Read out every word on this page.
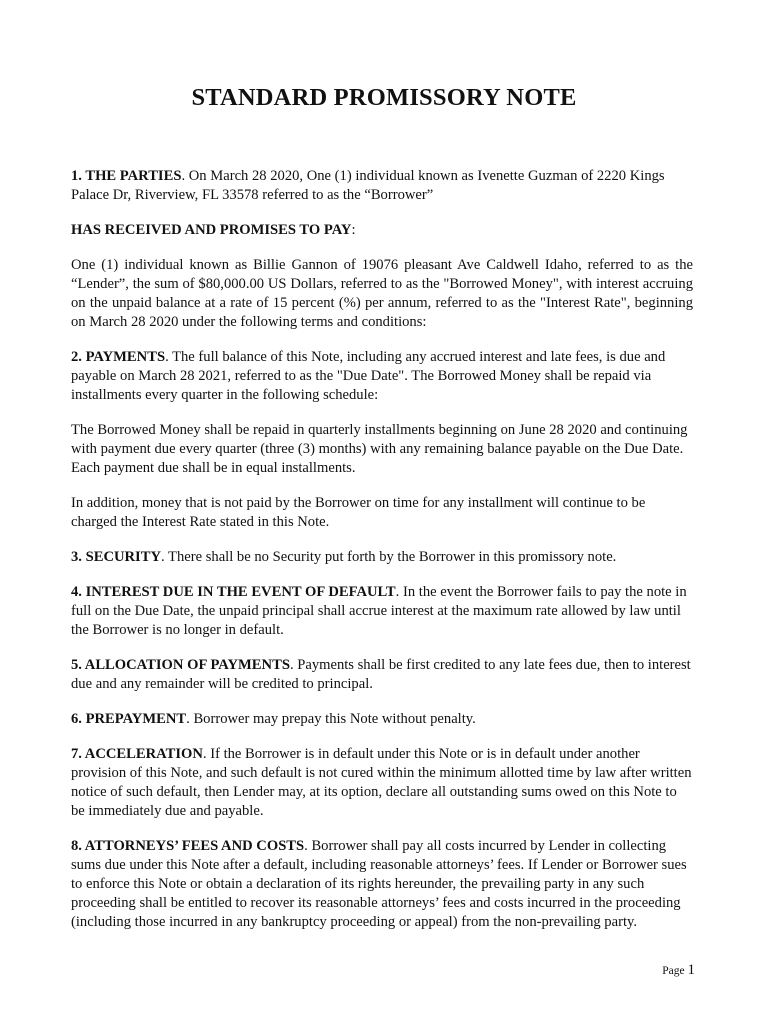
STANDARD PROMISSORY NOTE

1. THE PARTIES. On March 28 2020, One (1) individual known as Ivenette Guzman of 2220 Kings Palace Dr, Riverview, FL 33578 referred to as the “Borrower”

HAS RECEIVED AND PROMISES TO PAY:

One (1) individual known as Billie Gannon of 19076 pleasant Ave Caldwell Idaho, referred to as the “Lender”, the sum of $80,000.00 US Dollars, referred to as the "Borrowed Money", with interest accruing on the unpaid balance at a rate of 15 percent (%) per annum, referred to as the "Interest Rate", beginning on March 28 2020 under the following terms and conditions:

2. PAYMENTS. The full balance of this Note, including any accrued interest and late fees, is due and payable on March 28 2021, referred to as the "Due Date". The Borrowed Money shall be repaid via installments every quarter in the following schedule:

The Borrowed Money shall be repaid in quarterly installments beginning on June 28 2020 and continuing with payment due every quarter (three (3) months) with any remaining balance payable on the Due Date. Each payment due shall be in equal installments.

In addition, money that is not paid by the Borrower on time for any installment will continue to be charged the Interest Rate stated in this Note.

3. SECURITY. There shall be no Security put forth by the Borrower in this promissory note.

4. INTEREST DUE IN THE EVENT OF DEFAULT. In the event the Borrower fails to pay the note in full on the Due Date, the unpaid principal shall accrue interest at the maximum rate allowed by law until the Borrower is no longer in default.

5. ALLOCATION OF PAYMENTS. Payments shall be first credited to any late fees due, then to interest due and any remainder will be credited to principal.

6. PREPAYMENT. Borrower may prepay this Note without penalty.

7. ACCELERATION. If the Borrower is in default under this Note or is in default under another provision of this Note, and such default is not cured within the minimum allotted time by law after written notice of such default, then Lender may, at its option, declare all outstanding sums owed on this Note to be immediately due and payable.

8. ATTORNEYS’ FEES AND COSTS. Borrower shall pay all costs incurred by Lender in collecting sums due under this Note after a default, including reasonable attorneys’ fees. If Lender or Borrower sues to enforce this Note or obtain a declaration of its rights hereunder, the prevailing party in any such proceeding shall be entitled to recover its reasonable attorneys’ fees and costs incurred in the proceeding (including those incurred in any bankruptcy proceeding or appeal) from the non-prevailing party.

Page 1
